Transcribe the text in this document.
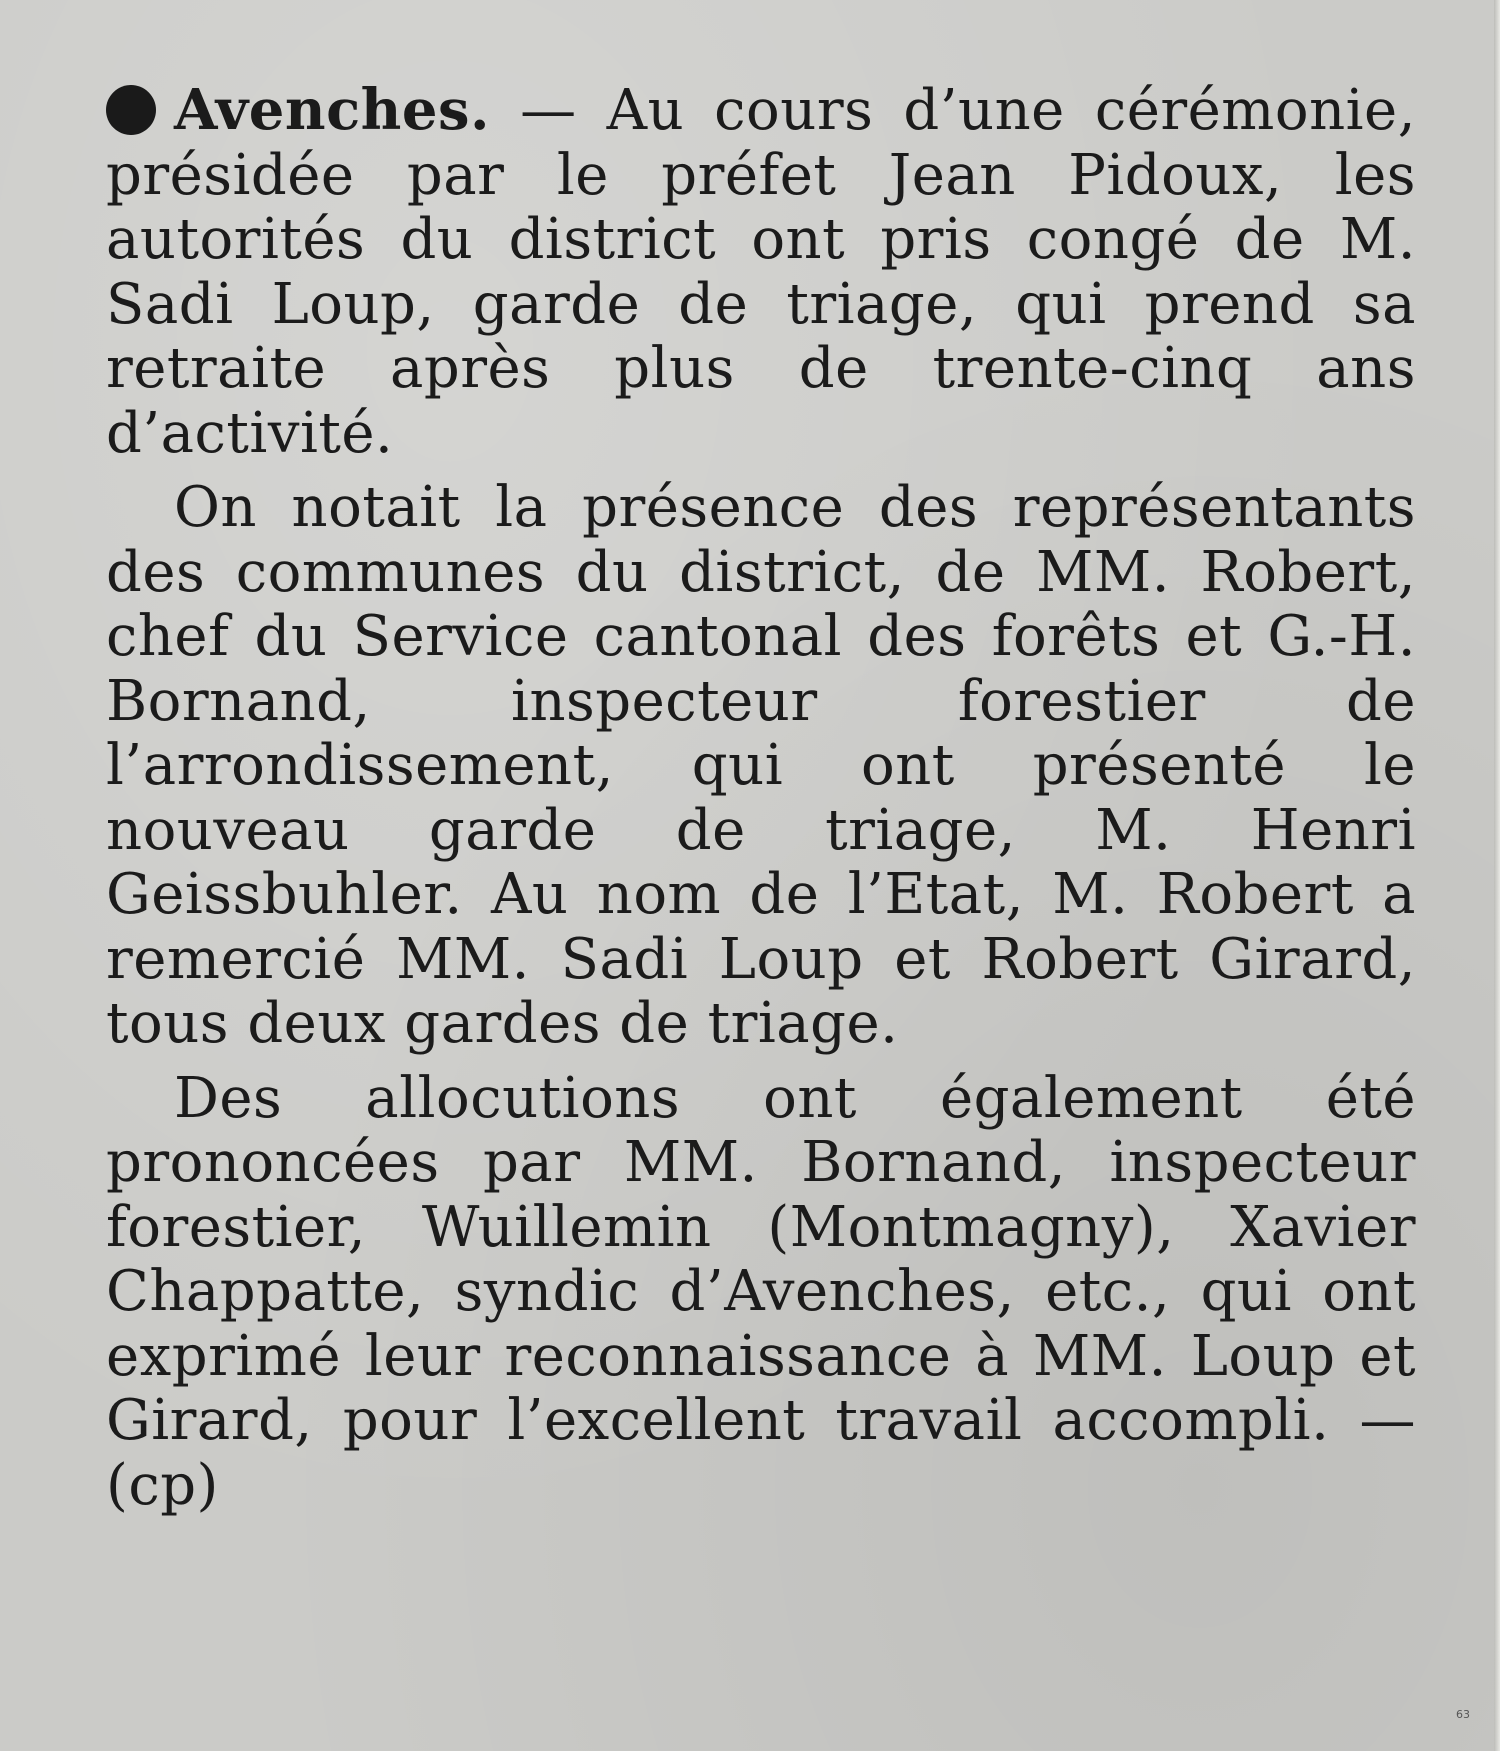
Avenches. — Au cours d’une cérémonie, présidée par le préfet Jean Pidoux, les autorités du district ont pris congé de M. Sadi Loup, garde de triage, qui prend sa retraite après plus de trente-cinq ans d’activité.

On notait la présence des représentants des communes du district, de MM. Robert, chef du Service cantonal des forêts et G.-H. Bornand, inspecteur forestier de l’arrondissement, qui ont présenté le nouveau garde de triage, M. Henri Geissbuhler. Au nom de l’Etat, M. Robert a remercié MM. Sadi Loup et Robert Girard, tous deux gardes de triage.

Des allocutions ont également été prononcées par MM. Bornand, inspecteur forestier, Wuillemin (Montmagny), Xavier Chappatte, syndic d’Avenches, etc., qui ont exprimé leur reconnaissance à MM. Loup et Girard, pour l’excellent travail accompli. — (cp)

63
